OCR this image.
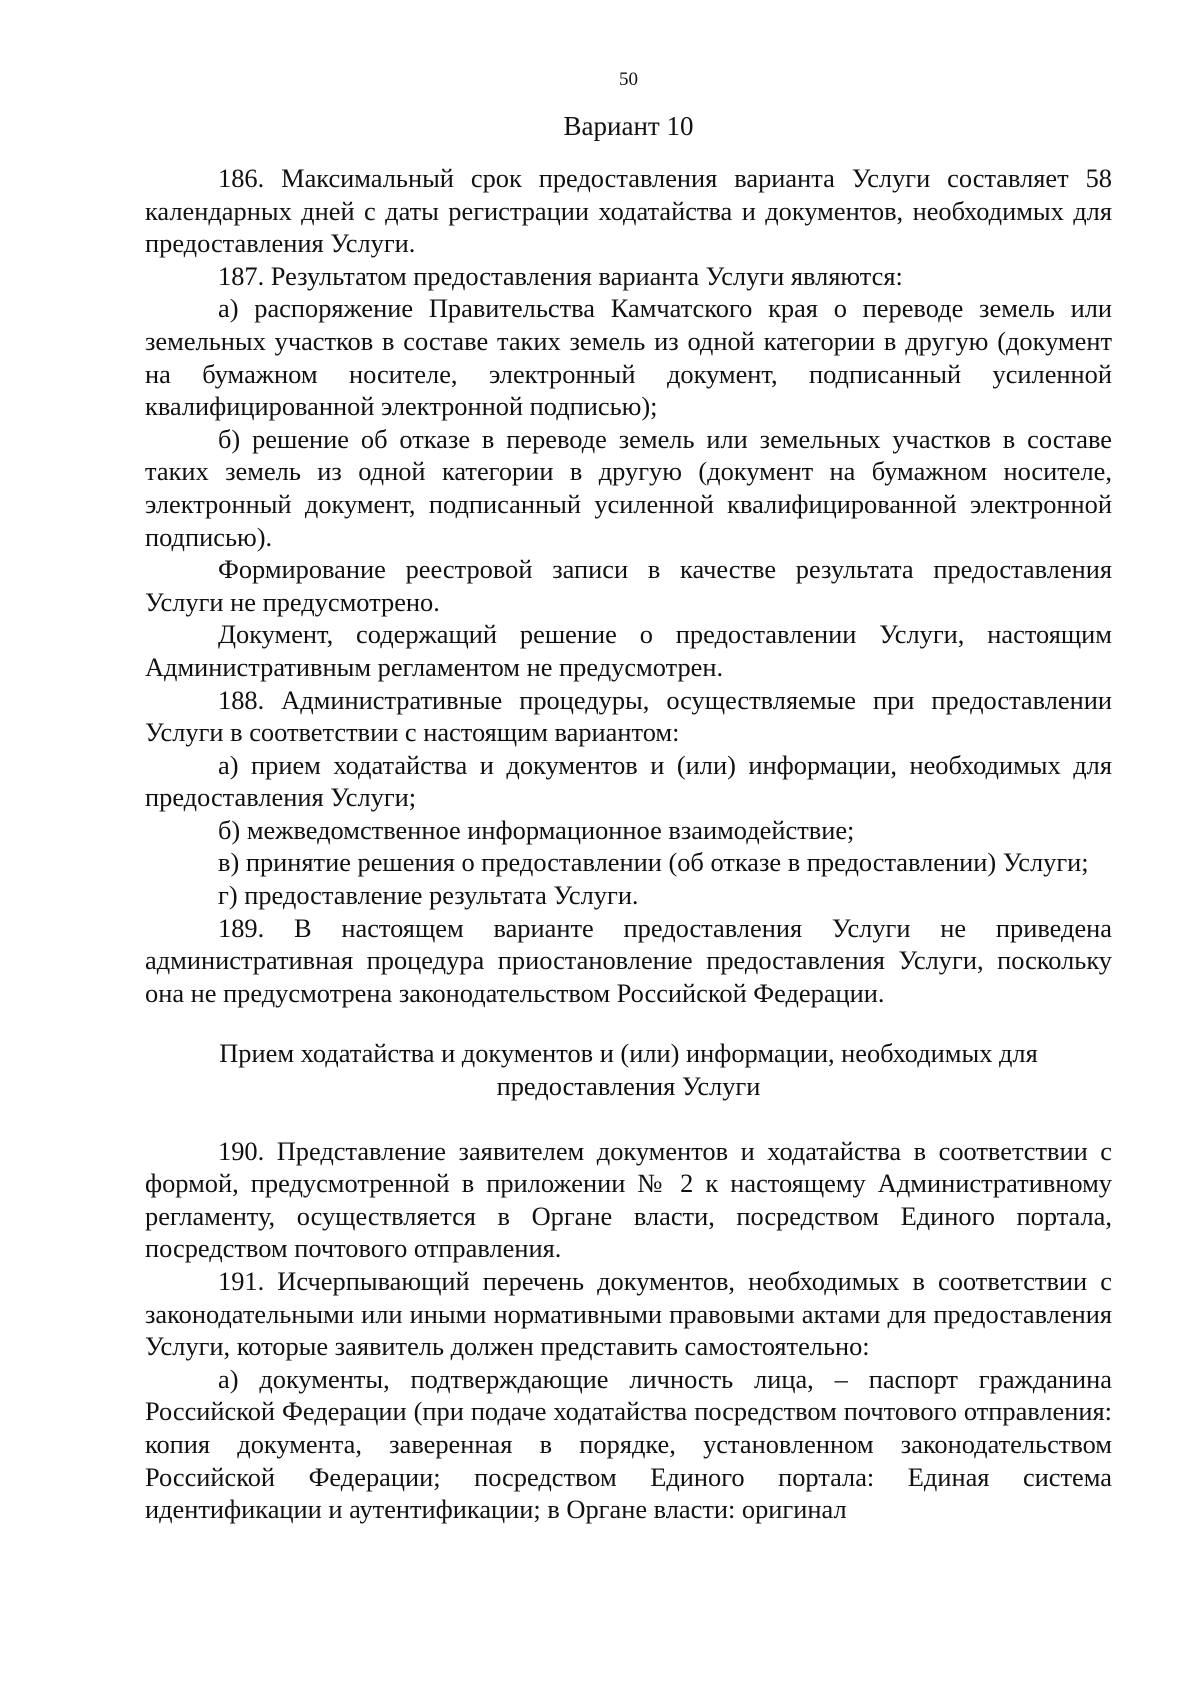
50
Вариант 10

186. Максимальный срок предоставления варианта Услуги составляет 58 календарных дней с даты регистрации ходатайства и документов, необходимых для предоставления Услуги.

187. Результатом предоставления варианта Услуги являются:

а) распоряжение Правительства Камчатского края о переводе земель или земельных участков в составе таких земель из одной категории в другую (документ на бумажном носителе, электронный документ, подписанный усиленной квалифицированной электронной подписью);

б) решение об отказе в переводе земель или земельных участков в составе таких земель из одной категории в другую (документ на бумажном носителе, электронный документ, подписанный усиленной квалифицированной электронной подписью).

Формирование реестровой записи в качестве результата предоставления Услуги не предусмотрено.

Документ, содержащий решение о предоставлении Услуги, настоящим Административным регламентом не предусмотрен.

188. Административные процедуры, осуществляемые при предоставлении Услуги в соответствии с настоящим вариантом:

а) прием ходатайства и документов и (или) информации, необходимых для предоставления Услуги;

б) межведомственное информационное взаимодействие;

в) принятие решения о предоставлении (об отказе в предоставлении) Услуги;

г) предоставление результата Услуги.

189. В настоящем варианте предоставления Услуги не приведена административная процедура приостановление предоставления Услуги, поскольку она не предусмотрена законодательством Российской Федерации.

Прием ходатайства и документов и (или) информации, необходимых для предоставления Услуги

190. Представление заявителем документов и ходатайства в соответствии с формой, предусмотренной в приложении № 2 к настоящему Административному регламенту, осуществляется в Органе власти, посредством Единого портала, посредством почтового отправления.

191. Исчерпывающий перечень документов, необходимых в соответствии с законодательными или иными нормативными правовыми актами для предоставления Услуги, которые заявитель должен представить самостоятельно:

а) документы, подтверждающие личность лица, – паспорт гражданина Российской Федерации (при подаче ходатайства посредством почтового отправления: копия документа, заверенная в порядке, установленном законодательством Российской Федерации; посредством Единого портала: Единая система идентификации и аутентификации; в Органе власти: оригинал
